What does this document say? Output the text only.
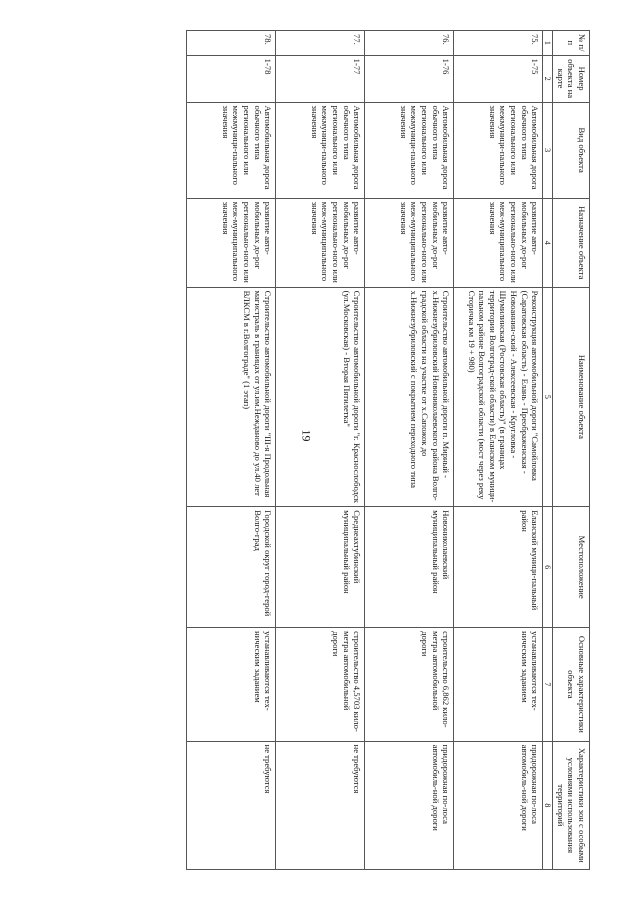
19
№ п/п	Номер объекта на карте	Вид объекта	Назначение объекта	Наименование объекта	Местоположение	Основные характеристики объекта	Характеристики зон с особыми условиями использования территорий
1	2	3	4	5	6	7	8
75.	1-75	Автомобильная дорога обычного типа регионального или межмуници-пального значения	развитие авто-мобильных до-рог регионально-ного или меж-муниципального значения	Реконструкция автомобильной дороги "Самойловка (Саратовская область) - Елань - Преображенская - Новоаннин-ский - Алексеевская - Кругловка - Шумилинская (Ростовская область)" (в границах территории Волгоград-ской области) в Еланском муници-пальном районе Волгоградской области (мост через реку Сторичка км 19 + 980)	Еланский муници-пальный район	устанавливаются тех-ническим заданием	придорожная по-лоса автомобиль-ной дороги
76.	1-76	Автомобильная дорога обычного типа регионального или межмуници-пального значения	развитие авто-мобильных до-рог регионально-ного или меж-муниципального значения	Строительство автомобильной дороги п. Мирный - х.Нижнезубриловский Новониколаевского района Волго-градской области на участке от х.Сапожок до х.Нижнезубриловский с покрытием переходного типа	Новониколаевский муниципальный район	строительство 6,862 кило-метра автомобильной дороги	придорожная по-лоса автомобиль-ной дороги
77.	1-77	Автомобильная дорога обычного типа регионального или межмуници-пального значения	развитие авто-мобильных до-рог регионально-ного или меж-муниципального значения	Строительство автомобильной дороги "г. Краснослободск (ул.Московская) - Вторая Пятилетка"	Среднеахтубинский муниципальный район	строительство 4,5703 кило-метра автомобильной дороги	не требуются
78.	1-78	Автомобильная дорога обычного типа регионального или межмуници-пального значения	развитие авто-мобильных до-рог регионально-ного или меж-муниципального значения	Строительство автомобильной дороги "III-я Продольная магистраль в границах от ул.им.Нежданово до ул.40 лет ВЛКСМ в г.Волгограде" (1 этап)	Городской округ город-герой Волго-град	устанавливаются тех-ническим заданием	не требуются
